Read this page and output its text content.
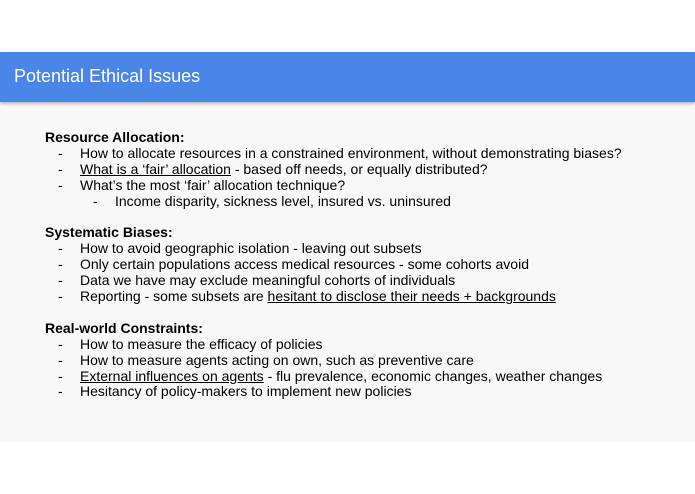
Potential Ethical Issues
Resource Allocation:
- How to allocate resources in a constrained environment, without demonstrating biases?
- What is a ‘fair’ allocation - based off needs, or equally distributed?
- What’s the most ‘fair’ allocation technique?
- Income disparity, sickness level, insured vs. uninsured
Systematic Biases:
- How to avoid geographic isolation - leaving out subsets
- Only certain populations access medical resources - some cohorts avoid
- Data we have may exclude meaningful cohorts of individuals
- Reporting - some subsets are hesitant to disclose their needs + backgrounds
Real-world Constraints:
- How to measure the efficacy of policies
- How to measure agents acting on own, such as preventive care
- External influences on agents - flu prevalence, economic changes, weather changes
- Hesitancy of policy-makers to implement new policies
